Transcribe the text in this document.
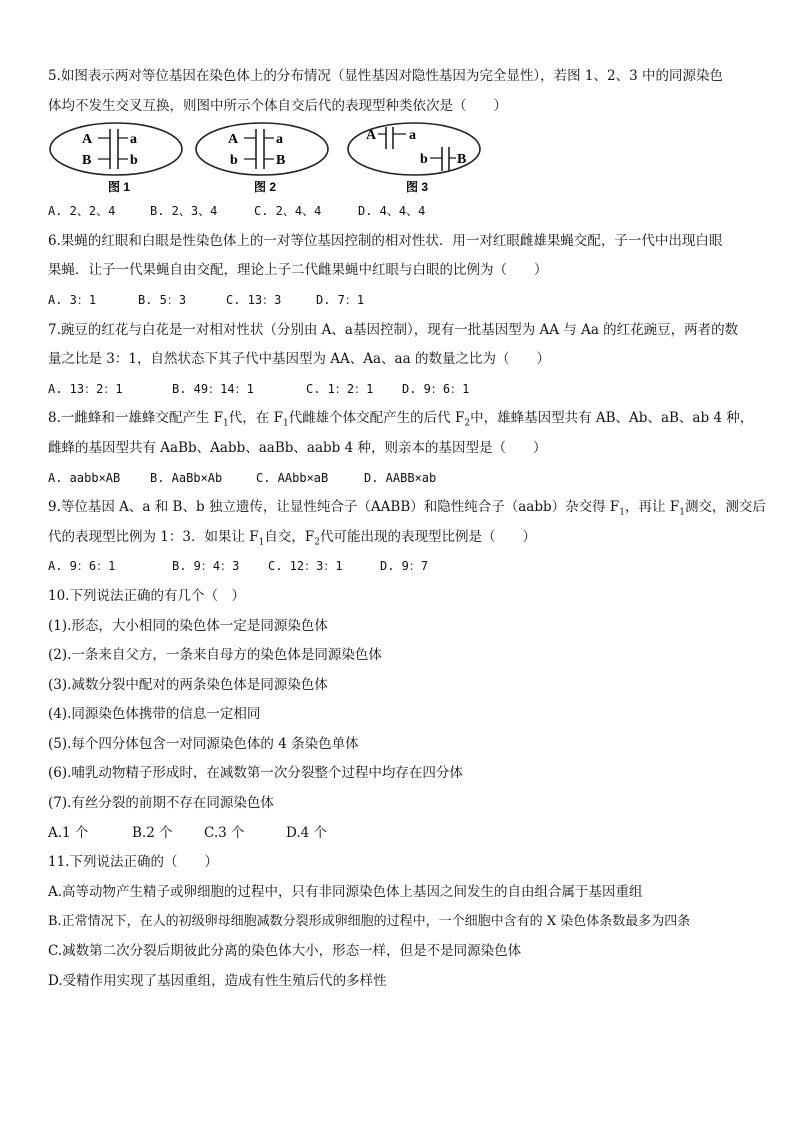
5.如图表示两对等位基因在染色体上的分布情况（显性基因对隐性基因为完全显性），若图 1、2、3 中的同源染色
体均不发生交叉互换，则图中所示个体自交后代的表现型种类依次是（　　）
A	a
B	b
图 1
A	a
b	B
图 2
A a
b B
图 3
A. 2、2、4	B. 2、3、4	C. 2、4、4	D. 4、4、4
6.果蝇的红眼和白眼是性染色体上的一对等位基因控制的相对性状．用一对红眼雌雄果蝇交配，子一代中出现白眼
果蝇．让子一代果蝇自由交配，理论上子二代雌果蝇中红眼与白眼的比例为（　　）
A. 3：1	B. 5：3	C. 13：3	D. 7：1
7.豌豆的红花与白花是一对相对性状（分别由 A、a基因控制），现有一批基因型为 AA 与 Aa 的红花豌豆，两者的数
量之比是 3：1，自然状态下其子代中基因型为 AA、Aa、aa 的数量之比为（　　）
A. 13：2：1	B. 49：14：1	C. 1：2：1 D. 9：6：1
8.一雌蜂和一雄蜂交配产生 $F_1$代，在 $F_1$代雌雄个体交配产生的后代 $F_2$中，雄蜂基因型共有 AB、Ab、aB、ab 4 种，
雌蜂的基因型共有 AaBb、Aabb、aaBb、aabb 4 种，则亲本的基因型是（　　）
A. aabb×AB B. AaBb×Ab	C. AAbb×aB	D. AABB×ab
9.等位基因 A、a 和 B、b 独立遗传，让显性纯合子（AABB）和隐性纯合子（aabb）杂交得 $F_1$，再让 $F_1$测交，测交后
代的表现型比例为 1：3．如果让 $F_1$自交，$F_2$代可能出现的表现型比例是（　　）
A. 9：6：1	B. 9：4：3 C. 12：3：1	D. 9：7
10.下列说法正确的有几个（　）
(1).形态，大小相同的染色体一定是同源染色体
(2).一条来自父方，一条来自母方的染色体是同源染色体
(3).减数分裂中配对的两条染色体是同源染色体
(4).同源染色体携带的信息一定相同
(5).每个四分体包含一对同源染色体的 4 条染色单体
(6).哺乳动物精子形成时，在减数第一次分裂整个过程中均存在四分体
(7).有丝分裂的前期不存在同源染色体
A.1 个	B.2 个 C.3 个	D.4 个
11.下列说法正确的（　　）
A.高等动物产生精子或卵细胞的过程中，只有非同源染色体上基因之间发生的自由组合属于基因重组
B.正常情况下，在人的初级卵母细胞减数分裂形成卵细胞的过程中，一个细胞中含有的 X 染色体条数最多为四条
C.减数第二次分裂后期彼此分离的染色体大小，形态一样，但是不是同源染色体
D.受精作用实现了基因重组，造成有性生殖后代的多样性
